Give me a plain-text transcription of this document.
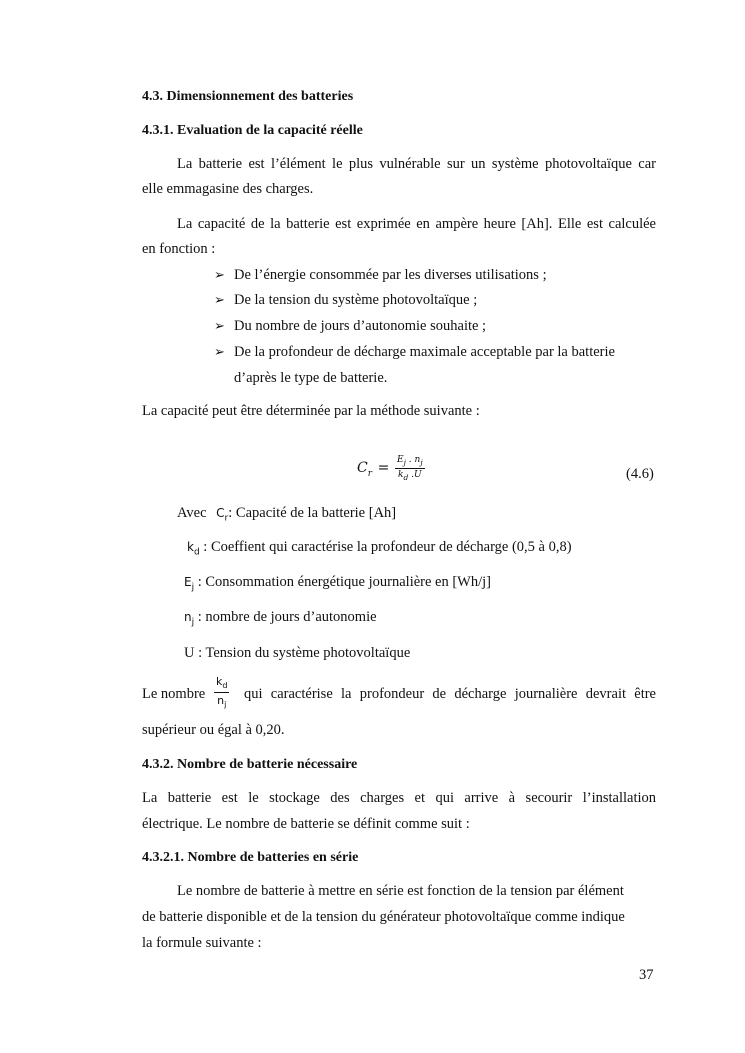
4.3. Dimensionnement des batteries
4.3.1. Evaluation de la capacité réelle
La batterie est l’élément le plus vulnérable sur un système photovoltaïque car
elle emmagasine des charges.
La capacité de la batterie est exprimée en ampère heure [Ah]. Elle est calculée
en fonction :
➢ De l’énergie consommée par les diverses utilisations ;
➢ De la tension du système photovoltaïque ;
➢ Du nombre de jours d’autonomie souhaite ;
➢ De la profondeur de décharge maximale acceptable par la batterie
d’après le type de batterie.
La capacité peut être déterminée par la méthode suivante :
$C_r = \frac{E_j . n_j}{k_d .U}$	(4.6)
Avec $C_r$: Capacité de la batterie [Ah]
$k_d$ : Coeffient qui caractérise la profondeur de décharge (0,5 à 0,8)
$E_j$ : Consommation énergétique journalière en [Wh/j]
$n_j$ : nombre de jours d’autonomie
U : Tension du système photovoltaïque
Le nombre $\frac{k_d}{n_j}$ qui caractérise la profondeur de décharge journalière devrait être
supérieur ou égal à 0,20.
4.3.2. Nombre de batterie nécessaire
La batterie est le stockage des charges et qui arrive à secourir l’installation
électrique. Le nombre de batterie se définit comme suit :
4.3.2.1. Nombre de batteries en série
Le nombre de batterie à mettre en série est fonction de la tension par élément
de batterie disponible et de la tension du générateur photovoltaïque comme indique
la formule suivante :
37
